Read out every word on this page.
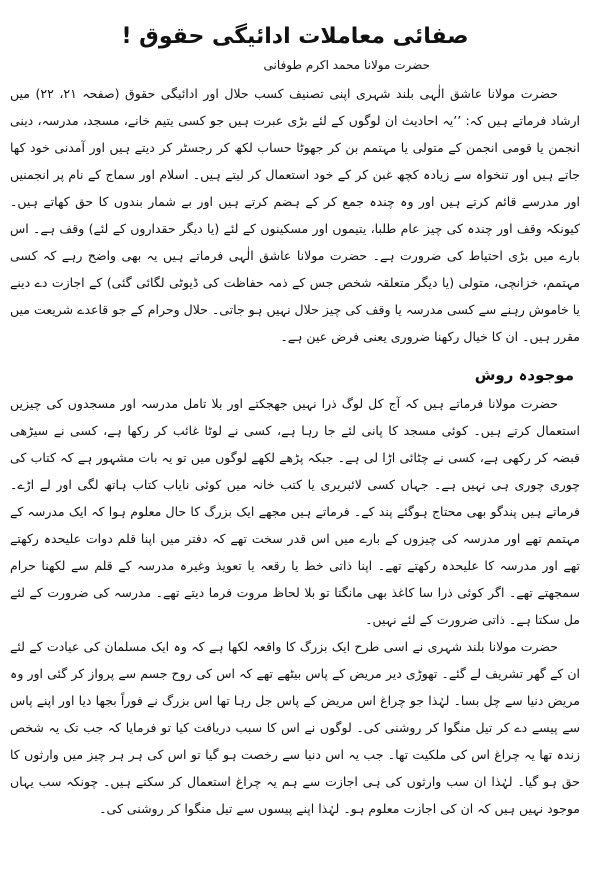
صفائی معاملات ادائیگی حقوق !
حضرت مولانا محمد اکرم طوفانی

حضرت مولانا عاشق الٰہی بلند شہری اپنی تصنیف کسب حلال اور ادائیگی حقوق (صفحہ ۲۱، ۲۲) میں ارشاد فرماتے ہیں کہ: ’’یہ احادیث ان لوگوں کے لئے بڑی عبرت ہیں جو کسی یتیم خانے، مسجد، مدرسہ، دینی انجمن یا قومی انجمن کے متولی یا مہتمم بن کر جھوٹا حساب لکھ کر رجسٹر کر دیتے ہیں اور آمدنی خود کھا جاتے ہیں اور تنخواہ سے زیادہ کچھ غبن کر کے خود استعمال کر لیتے ہیں۔ اسلام اور سماج کے نام پر انجمنیں اور مدرسے قائم کرتے ہیں اور وہ چندہ جمع کر کے ہضم کرتے ہیں اور بے شمار بندوں کا حق کھاتے ہیں۔ کیونکہ وقف اور چندہ کی چیز عام طلبا، یتیموں اور مسکینوں کے لئے (یا دیگر حقداروں کے لئے) وقف ہے۔ اس بارے میں بڑی احتیاط کی ضرورت ہے۔ حضرت مولانا عاشق الٰہی فرماتے ہیں یہ بھی واضح رہے کہ کسی مہتمم، خزانچی، متولی (یا دیگر متعلقہ شخص جس کے ذمہ حفاظت کی ڈیوٹی لگائی گئی) کے اجازت دے دینے یا خاموش رہنے سے کسی مدرسہ یا وقف کی چیز حلال نہیں ہو جاتی۔ حلال وحرام کے جو قاعدے شریعت میں مقرر ہیں۔ ان کا خیال رکھنا ضروری یعنی فرض عین ہے۔

موجودہ روش

حضرت مولانا فرماتے ہیں کہ آج کل لوگ ذرا نہیں جھجکتے اور بلا تامل مدرسہ اور مسجدوں کی چیزیں استعمال کرتے ہیں۔ کوئی مسجد کا پانی لئے جا رہا ہے، کسی نے لوٹا غائب کر رکھا ہے، کسی نے سیڑھی قبضہ کر رکھی ہے، کسی نے چٹائی اڑا لی ہے۔ جبکہ پڑھے لکھے لوگوں میں تو یہ بات مشہور ہے کہ کتاب کی چوری چوری ہی نہیں ہے۔ جہاں کسی لائبریری یا کتب خانہ میں کوئی نایاب کتاب ہاتھ لگی اور لے اڑے۔ فرماتے ہیں پندگو بھی محتاج ہوگئے پند کے۔ فرماتے ہیں مجھے ایک بزرگ کا حال معلوم ہوا کہ ایک مدرسہ کے مہتمم تھے اور مدرسہ کی چیزوں کے بارے میں اس قدر سخت تھے کہ دفتر میں اپنا قلم دوات علیحدہ رکھتے تھے اور مدرسہ کا علیحدہ رکھتے تھے۔ اپنا ذاتی خط یا رقعہ یا تعویذ وغیرہ مدرسہ کے قلم سے لکھنا حرام سمجھتے تھے۔ اگر کوئی ذرا سا کاغذ بھی مانگتا تو بلا لحاظ مروت فرما دیتے تھے۔ مدرسہ کی ضرورت کے لئے مل سکتا ہے۔ ذاتی ضرورت کے لئے نہیں۔

حضرت مولانا بلند شہری نے اسی طرح ایک بزرگ کا واقعہ لکھا ہے کہ وہ ایک مسلمان کی عیادت کے لئے ان کے گھر تشریف لے گئے۔ تھوڑی دیر مریض کے پاس بیٹھے تھے کہ اس کی روح جسم سے پرواز کر گئی اور وہ مریض دنیا سے چل بسا۔ لہٰذا جو چراغ اس مریض کے پاس جل رہا تھا اس بزرگ نے فوراً بجھا دیا اور اپنے پاس سے پیسے دے کر تیل منگوا کر روشنی کی۔ لوگوں نے اس کا سبب دریافت کیا تو فرمایا کہ جب تک یہ شخص زندہ تھا یہ چراغ اس کی ملکیت تھا۔ جب یہ اس دنیا سے رخصت ہو گیا تو اس کی ہر ہر چیز میں وارثوں کا حق ہو گیا۔ لہٰذا ان سب وارثوں کی ہی اجازت سے ہم یہ چراغ استعمال کر سکتے ہیں۔ چونکہ سب یہاں موجود نہیں ہیں کہ ان کی اجازت معلوم ہو۔ لہٰذا اپنے پیسوں سے تیل منگوا کر روشنی کی۔
